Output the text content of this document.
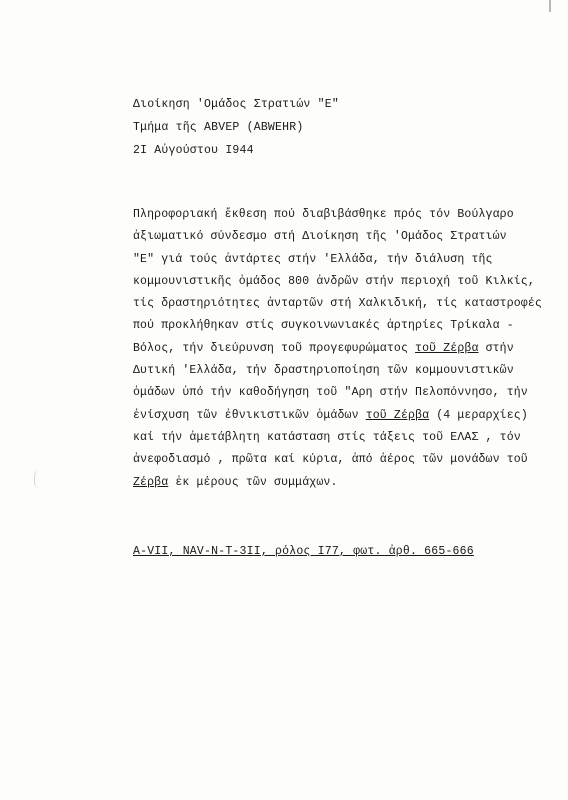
Διοίκηση 'Ομάδος Στρατιών "Ε"
Τμήμα τῆς ABVEP (ABWEHR)
2I Αὐγούστου I944
Πληροφοριακή ἔκθεση πού διαβιβάσθηκε πρός τόν Βούλγαρο
ἀξιωματικό σύνδεσμο στή Διοίκηση τῆς 'Ομάδος Στρατιών
"Ε" γιά τούς ἀντάρτες στήν 'Ελλάδα, τήν διάλυση τῆς
κομμουνιστικῆς ὁμάδος 800 ἀνδρῶν στήν περιοχή τοῦ Κιλκίς,
τίς δραστηριότητες ἀνταρτῶν στή Χαλκιδική, τίς καταστροφές
πού προκλήθηκαν στίς συγκοινωνιακές ἀρτηρίες Τρίκαλα -
Βόλος, τήν διεύρυνση τοῦ προγεφυρώματος τοῦ Ζέρβα στήν
Δυτική 'Ελλάδα, τήν δραστηριοποίηση τῶν κομμουνιστικῶν
ὁμάδων ὑπό τήν καθοδήγηση τοῦ "Αρη στήν Πελοπόννησο, τήν
ἐνίσχυση τῶν ἐθνικιστικῶν ὁμάδων τοῦ Ζέρβα (4 μεραρχίες)
καί τήν ἀμετάβλητη κατάσταση στίς τάξεις τοῦ ΕΛΑΣ , τόν
ἀνεφοδιασμό , πρῶτα καί κύρια, ἀπό ἀέρος τῶν μονάδων τοῦ
Ζέρβα ἐκ μέρους τῶν συμμάχων.
A-VII, NAV-N-T-3II, ρόλος I77, φωτ. ἀρθ. 665-666
